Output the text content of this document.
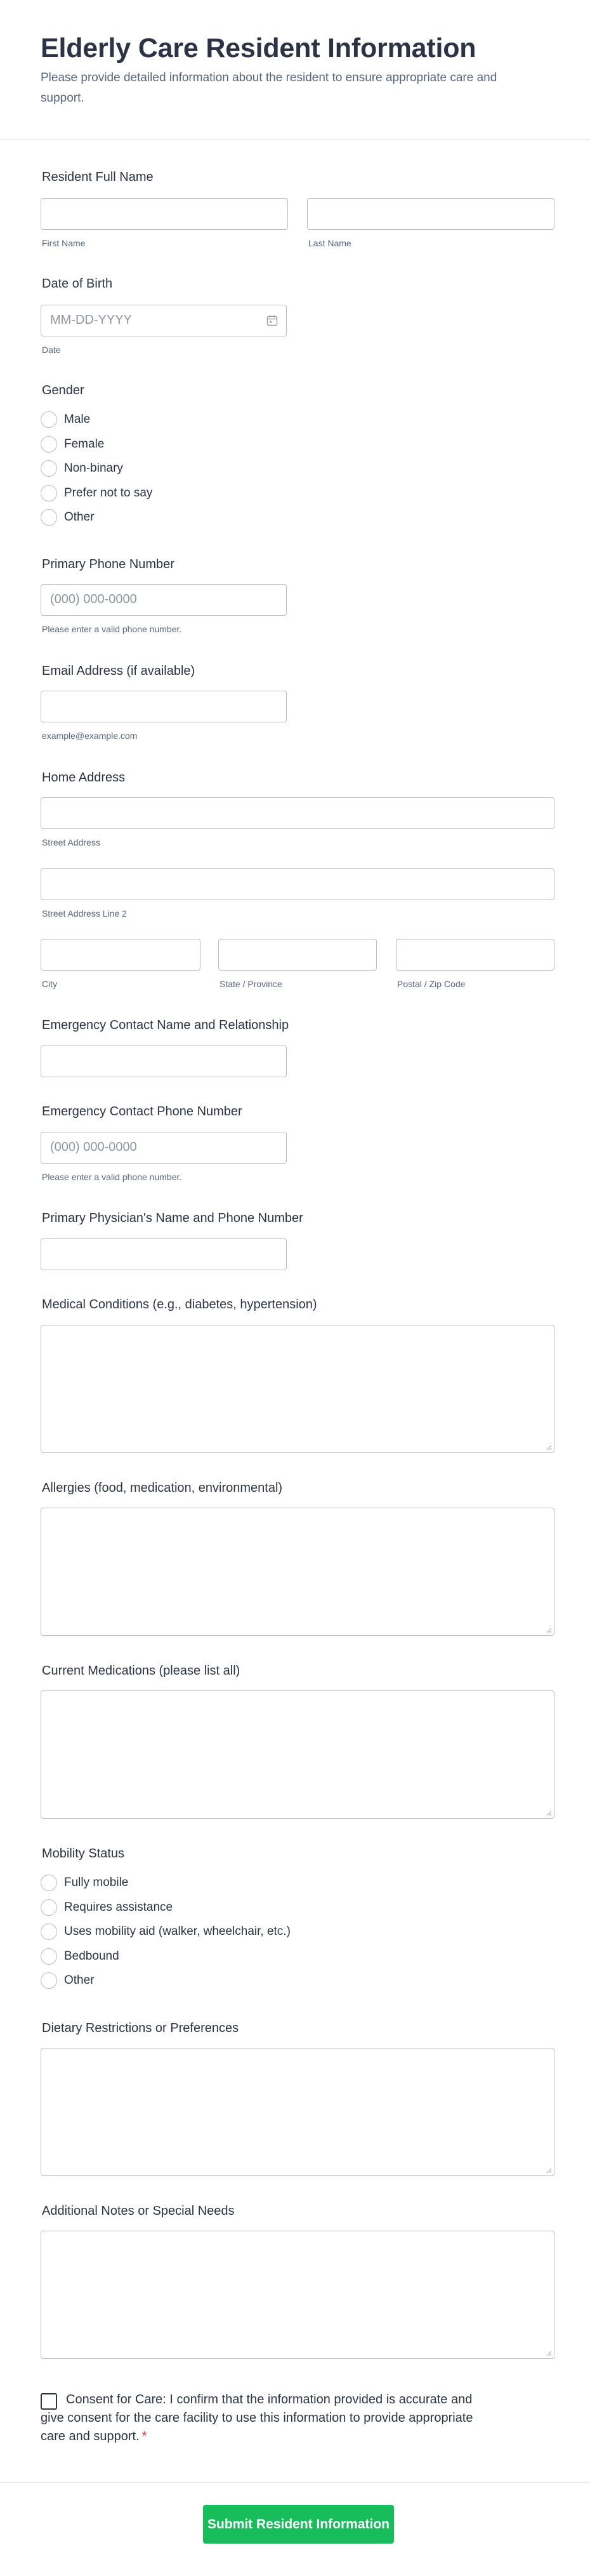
Elderly Care Resident Information
Please provide detailed information about the resident to ensure appropriate care and support.
Resident Full Name
First Name	Last Name
Date of Birth
MM-DD-YYYY
Date
Gender
Male
Female
Non-binary
Prefer not to say
Other
Primary Phone Number
(000) 000-0000
Please enter a valid phone number.
Email Address (if available)
example@example.com
Home Address
Street Address
Street Address Line 2
City	State / Province	Postal / Zip Code
Emergency Contact Name and Relationship
Emergency Contact Phone Number
(000) 000-0000
Please enter a valid phone number.
Primary Physician's Name and Phone Number
Medical Conditions (e.g., diabetes, hypertension)
Allergies (food, medication, environmental)
Current Medications (please list all)
Mobility Status
Fully mobile
Requires assistance
Uses mobility aid (walker, wheelchair, etc.)
Bedbound
Other
Dietary Restrictions or Preferences
Additional Notes or Special Needs
Consent for Care: I confirm that the information provided is accurate and give consent for the care facility to use this information to provide appropriate care and support. *
Submit Resident Information
